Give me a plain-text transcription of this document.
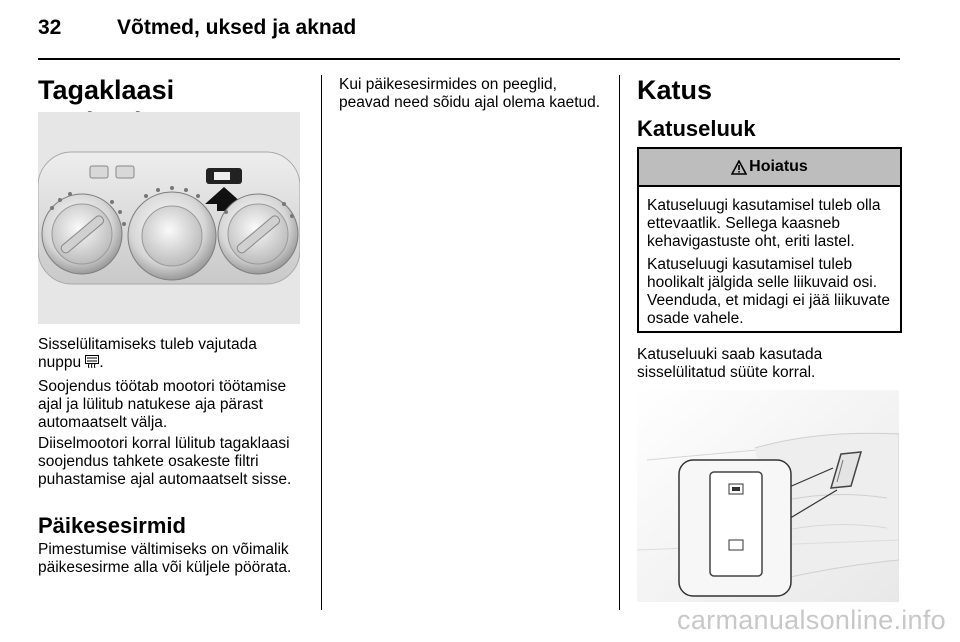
32	Võtmed, uksed ja aknad
Tagaklaasi

Sisselülitamiseks tuleb vajutada

nuppu .

Soojendus töötab mootori töötamise ajal ja lülitub natukese aja pärast automaatselt välja.

Diiselmootori korral lülitub tagaklaasi soojendus tahkete osakeste filtri puhastamise ajal automaatselt sisse.

Päikesesirmid

Pimestumise vältimiseks on võimalik päikesesirme alla või küljele pöörata.

Kui päikesesirmides on peeglid, peavad need sõidu ajal olema kaetud. Katus
Katuseluuk
Hoiatus

Katuseluugi kasutamisel tuleb olla ettevaatlik. Sellega kaasneb kehavigastuste oht, eriti lastel.

Katuseluugi kasutamisel tuleb hoolikalt jälgida selle liikuvaid osi. Veenduda, et midagi ei jää liikuvate osade vahele.

Katuseluuki saab kasutada sisselülitatud süüte korral.

carmanualsonline.info
